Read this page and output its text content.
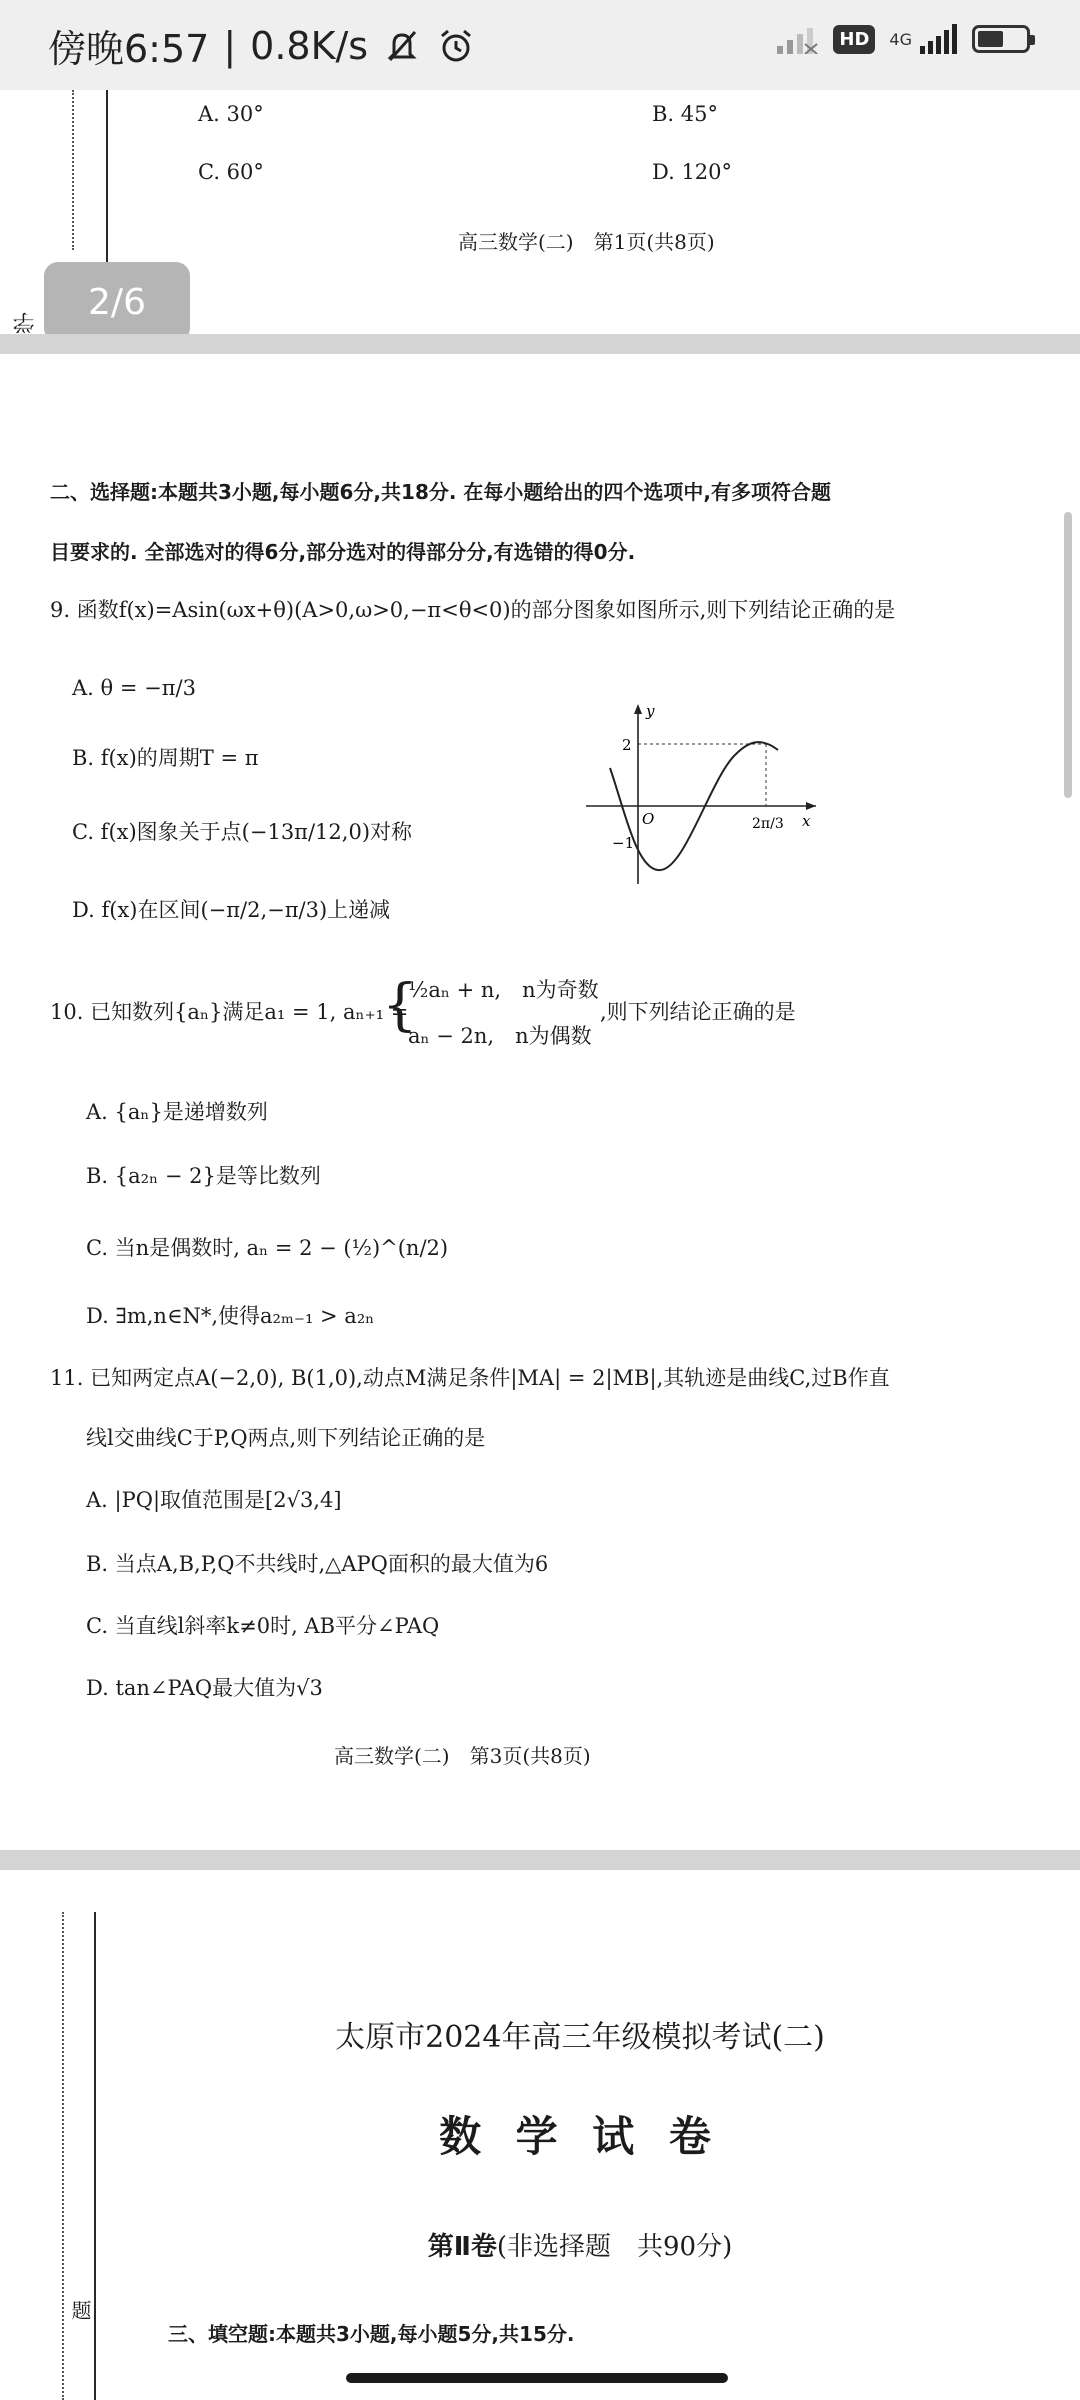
傍晚6:57 | 0.8K/s	HD	4G
学
A. 30°	B. 45°
C. 60°	D. 120°
高三数学(二)　第1页(共8页)
2/6
二、选择题:本题共3小题,每小题6分,共18分. 在每小题给出的四个选项中,有多项符合题
目要求的. 全部选对的得6分,部分选对的得部分分,有选错的得0分.
9. 函数f(x)=Asin(ωx+θ)(A>0,ω>0,−π<θ<0)的部分图象如图所示,则下列结论正确的是
A. θ = −π/3
B. f(x)的周期T = π
C. f(x)图象关于点(−13π/12,0)对称
D. f(x)在区间(−π/2,−π/3)上递减
y
x
O
2
−1
2π/3
10. 已知数列{aₙ}满足a₁ = 1, aₙ₊₁ =
{
½aₙ + n,　n为奇数
aₙ − 2n,　n为偶数
,则下列结论正确的是
A. {aₙ}是递增数列
B. {a₂ₙ − 2}是等比数列
C. 当n是偶数时, aₙ = 2 − (½)^(n/2)
D. ∃m,n∈N*,使得a₂ₘ₋₁ > a₂ₙ
11. 已知两定点A(−2,0), B(1,0),动点M满足条件|MA| = 2|MB|,其轨迹是曲线C,过B作直
线l交曲线C于P,Q两点,则下列结论正确的是
A. |PQ|取值范围是[2√3,4]
B. 当点A,B,P,Q不共线时,△APQ面积的最大值为6
C. 当直线l斜率k≠0时, AB平分∠PAQ
D. tan∠PAQ最大值为√3
高三数学(二)　第3页(共8页)
题
太原市2024年高三年级模拟考试(二)
数 学 试 卷
第Ⅱ卷(非选择题　共90分)
三、填空题:本题共3小题,每小题5分,共15分.
